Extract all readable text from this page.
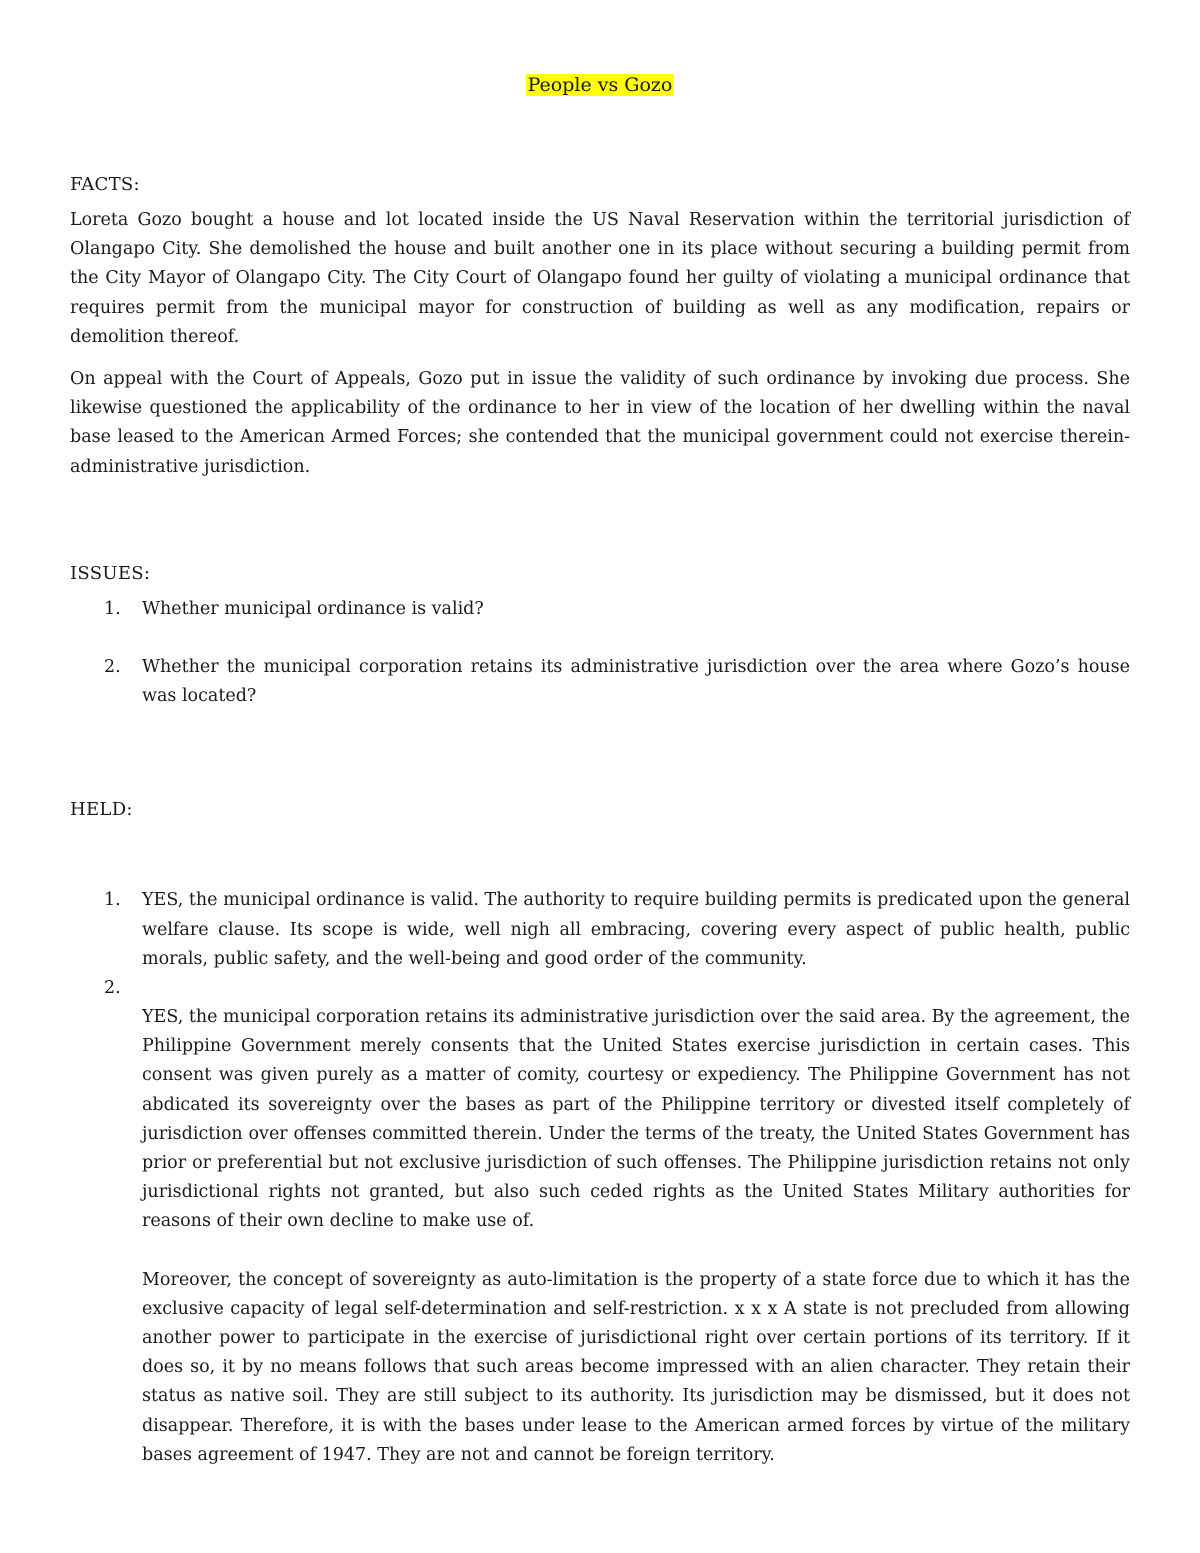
People vs Gozo
FACTS:

Loreta Gozo bought a house and lot located inside the US Naval Reservation within the territorial jurisdiction of Olangapo City. She demolished the house and built another one in its place without securing a building permit from the City Mayor of Olangapo City. The City Court of Olangapo found her guilty of violating a municipal ordinance that requires permit from the municipal mayor for construction of building as well as any modification, repairs or demolition thereof.

On appeal with the Court of Appeals, Gozo put in issue the validity of such ordinance by invoking due process. She likewise questioned the applicability of the ordinance to her in view of the location of her dwelling within the naval base leased to the American Armed Forces; she contended that the municipal government could not exercise therein-administrative jurisdiction.

ISSUES:
1. Whether municipal ordinance is valid?
2. Whether the municipal corporation retains its administrative jurisdiction over the area where Gozo’s house was located?
HELD:
1. YES, the municipal ordinance is valid. The authority to require building permits is predicated upon the general welfare clause. Its scope is wide, well nigh all embracing, covering every aspect of public health, public morals, public safety, and the well-being and good order of the community.

2.

YES, the municipal corporation retains its administrative jurisdiction over the said area. By the agreement, the Philippine Government merely consents that the United States exercise jurisdiction in certain cases. This consent was given purely as a matter of comity, courtesy or expediency. The Philippine Government has not abdicated its sovereignty over the bases as part of the Philippine territory or divested itself completely of jurisdiction over offenses committed therein. Under the terms of the treaty, the United States Government has prior or preferential but not exclusive jurisdiction of such offenses. The Philippine jurisdiction retains not only jurisdictional rights not granted, but also such ceded rights as the United States Military authorities for reasons of their own decline to make use of.

Moreover, the concept of sovereignty as auto-limitation is the property of a state force due to which it has the exclusive capacity of legal self-determination and self-restriction. x x x A state is not precluded from allowing another power to participate in the exercise of jurisdictional right over certain portions of its territory. If it does so, it by no means follows that such areas become impressed with an alien character. They retain their status as native soil. They are still subject to its authority. Its jurisdiction may be dismissed, but it does not disappear. Therefore, it is with the bases under lease to the American armed forces by virtue of the military bases agreement of 1947. They are not and cannot be foreign territory.
